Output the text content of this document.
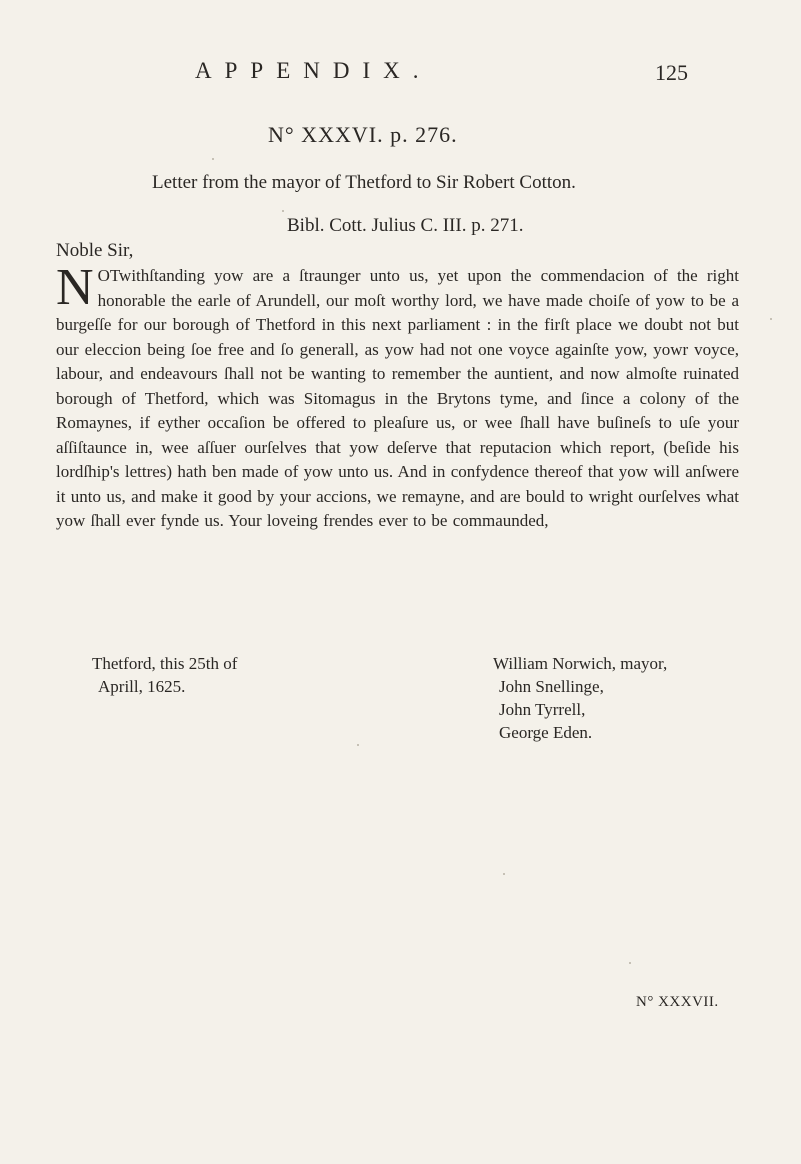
APPENDIX.	125
N° XXXVI. p. 276.
Letter from the mayor of Thetford to Sir Robert Cotton.
Bibl. Cott. Julius C. III. p. 271.
Noble Sir,
N OTwithſtanding yow are a ſtraunger unto us, yet upon the commendacion of the right honorable the earle of Arundell, our moſt worthy lord, we have made choiſe of yow to be a burgeſſe for our borough of Thetford in this next parliament : in the firſt place we doubt not but our eleccion being ſoe free and ſo generall, as yow had not one voyce againſte yow, yowr voyce, labour, and endeavours ſhall not be wanting to remember the auntient, and now almoſte ruinated borough of Thetford, which was Sitomagus in the Brytons tyme, and ſince a colony of the Romaynes, if eyther occaſion be offered to pleaſure us, or wee ſhall have buſineſs to uſe your aſſiſtaunce in, wee aſſuer ourſelves that yow deſerve that reputacion which report, (beſide his lordſhip's lettres) hath ben made of yow unto us. And in confydence thereof that yow will anſwere it unto us, and make it good by your accions, we remayne, and are bould to wright ourſelves what yow ſhall ever fynde us. Your loveing frendes ever to be commaunded,
Thetford, this 25th of
Aprill, 1625.
William Norwich, mayor,
John Snellinge,
John Tyrrell,
George Eden.
N° XXXVII.
